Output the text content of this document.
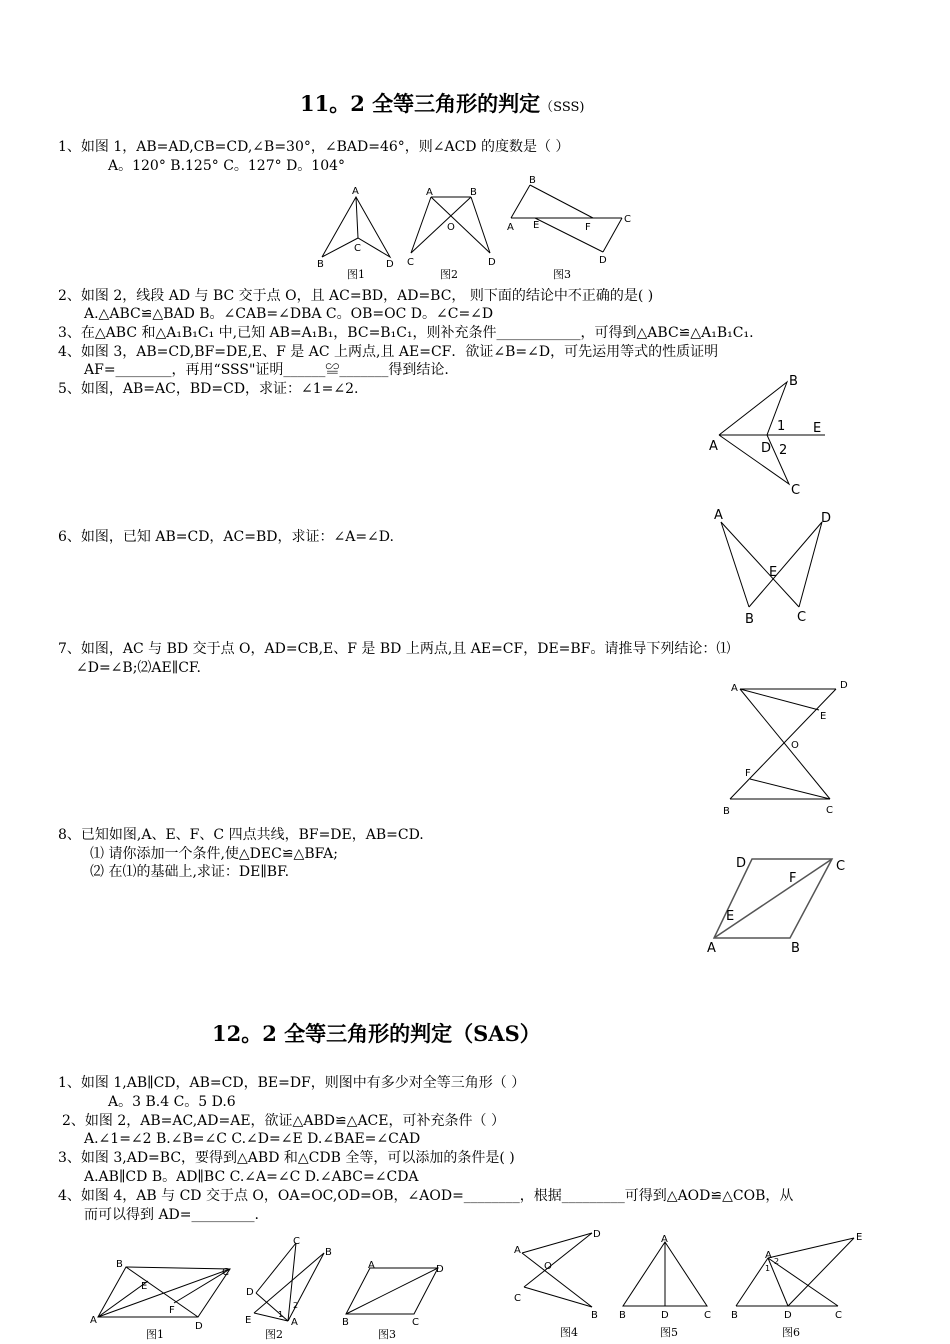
11。2 全等三角形的判定（SSS)
1、如图 1，AB=AD,CB=CD,∠B=30°，∠BAD=46°，则∠ACD 的度数是（ ）
A。120° B.125° C。127° D。104°
A
B
C
D
图1
A	B
O
C	D
图2
B
A E	F
C
D
图3
2、如图 2，线段 AD 与 BC 交于点 O，且 AC=BD，AD=BC， 则下面的结论中不正确的是( )
A.△ABC≌△BAD B。∠CAB=∠DBA C。OB=OC D。∠C=∠D
3、在△ABC 和△A₁B₁C₁ 中,已知 AB=A₁B₁，BC=B₁C₁，则补充条件____________，可得到△ABC≌△A₁B₁C₁.
4、如图 3，AB=CD,BF=DE,E、F 是 AC 上两点,且 AE=CF．欲证∠B=∠D，可先运用等式的性质证明
AF=________，再用“SSS"证明______≌_______得到结论.
5、如图，AB=AC，BD=CD，求证：∠1=∠2.
A
B
1 E
D 2
C
6、如图，已知 AB=CD，AC=BD，求证：∠A=∠D.
A	D
E
B	C
7、如图，AC 与 BD 交于点 O，AD=CB,E、F 是 BD 上两点,且 AE=CF，DE=BF。请推导下列结论：⑴
∠D=∠B;⑵AE∥CF.
A	D
E
O
F
B	C
8、已知如图,A、E、F、C 四点共线，BF=DE，AB=CD.
⑴ 请你添加一个条件,使△DEC≌△BFA;
⑵ 在⑴的基础上,求证：DE∥BF.
D	C
F
E
A	B
12。2 全等三角形的判定（SAS）
1、如图 1,AB∥CD，AB=CD，BE=DF，则图中有多少对全等三角形（ ）
A。3 B.4 C。5 D.6
2、如图 2，AB=AC,AD=AE，欲证△ABD≌△ACE，可补充条件（ ）
A.∠1=∠2 B.∠B=∠C C.∠D=∠E D.∠BAE=∠CAD
3、如图 3,AD=BC，要得到△ABD 和△CDB 全等，可以添加的条件是( )
A.AB∥CD B。AD∥BC C.∠A=∠C D.∠ABC=∠CDA
4、如图 4，AB 与 CD 交于点 O，OA=OC,OD=OB，∠AOD=________，根据_________可得到△AOD≌△COB，从
而可以得到 AD=_________.
B
E
C
F
A
D
图1
C
B
D
E
1
2
A
图2
A	D
B	C
图3
D
A
O
C
B
图4
A
B	D	C
图5
A
1
2
E
B	D	C
图6
